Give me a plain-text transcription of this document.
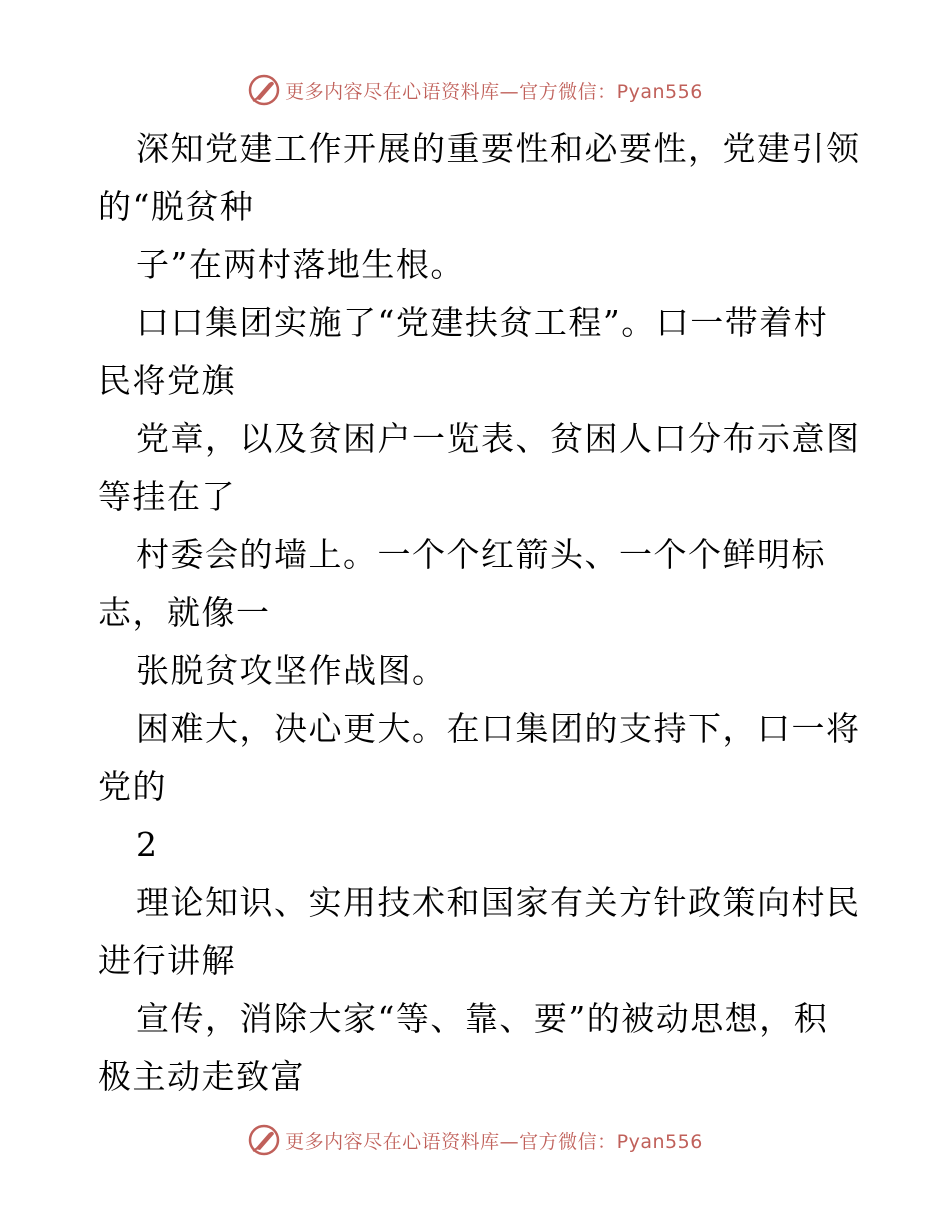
更多内容尽在心语资料库—官方微信：Pyan556
深知党建工作开展的重要性和必要性，党建引领
的“脱贫种
子”在两村落地生根。
口口集团实施了“党建扶贫工程”。口一带着村
民将党旗
党章，以及贫困户一览表、贫困人口分布示意图
等挂在了
村委会的墙上。一个个红箭头、一个个鲜明标
志，就像一
张脱贫攻坚作战图。
困难大，决心更大。在口集团的支持下，口一将
党的
2
理论知识、实用技术和国家有关方针政策向村民
进行讲解
宣传，消除大家“等、靠、要”的被动思想，积
极主动走致富
更多内容尽在心语资料库—官方微信：Pyan556
